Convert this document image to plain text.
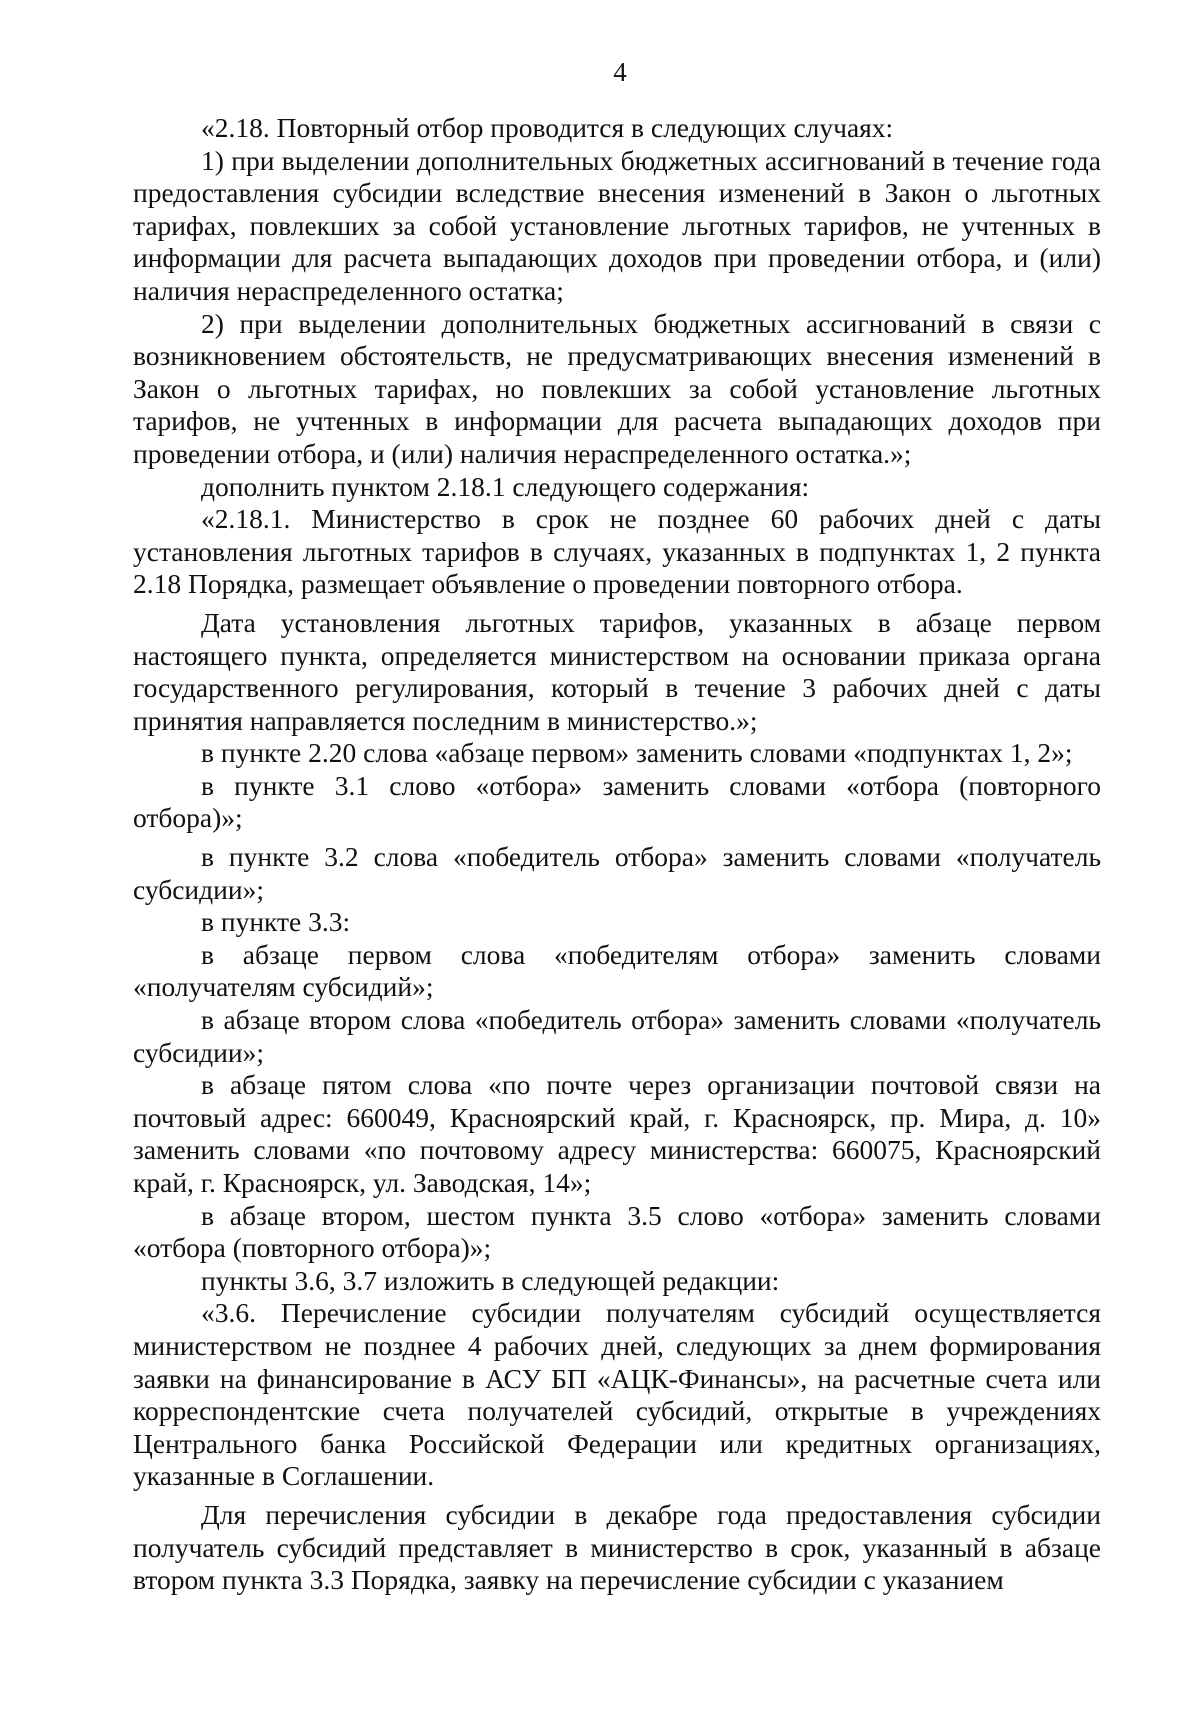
4

«2.18. Повторный отбор проводится в следующих случаях:

1) при выделении дополнительных бюджетных ассигнований в течение года предоставления субсидии вследствие внесения изменений в Закон о льготных тарифах, повлекших за собой установление льготных тарифов, не учтенных в информации для расчета выпадающих доходов при проведении отбора, и (или) наличия нераспределенного остатка;

2) при выделении дополнительных бюджетных ассигнований в связи с возникновением обстоятельств, не предусматривающих внесения изменений в Закон о льготных тарифах, но повлекших за собой установление льготных тарифов, не учтенных в информации для расчета выпадающих доходов при проведении отбора, и (или) наличия нераспределенного остатка.»;

дополнить пунктом 2.18.1 следующего содержания:

«2.18.1. Министерство в срок не позднее 60 рабочих дней с даты установления льготных тарифов в случаях, указанных в подпунктах 1, 2 пункта 2.18 Порядка, размещает объявление о проведении повторного отбора.

Дата установления льготных тарифов, указанных в абзаце первом настоящего пункта, определяется министерством на основании приказа органа государственного регулирования, который в течение 3 рабочих дней с даты принятия направляется последним в министерство.»;

в пункте 2.20 слова «абзаце первом» заменить словами «подпунктах 1, 2»;

в пункте 3.1 слово «отбора» заменить словами «отбора (повторного отбора)»;

в пункте 3.2 слова «победитель отбора» заменить словами «получатель субсидии»;

в пункте 3.3:

в абзаце первом слова «победителям отбора» заменить словами «получателям субсидий»;

в абзаце втором слова «победитель отбора» заменить словами «получатель субсидии»;

в абзаце пятом слова «по почте через организации почтовой связи на почтовый адрес: 660049, Красноярский край, г. Красноярск, пр. Мира, д. 10» заменить словами «по почтовому адресу министерства: 660075, Красноярский край, г. Красноярск, ул. Заводская, 14»;

в абзаце втором, шестом пункта 3.5 слово «отбора» заменить словами «отбора (повторного отбора)»;

пункты 3.6, 3.7 изложить в следующей редакции:

«3.6. Перечисление субсидии получателям субсидий осуществляется министерством не позднее 4 рабочих дней, следующих за днем формирования заявки на финансирование в АСУ БП «АЦК-Финансы», на расчетные счета или корреспондентские счета получателей субсидий, открытые в учреждениях Центрального банка Российской Федерации или кредитных организациях, указанные в Соглашении.

Для перечисления субсидии в декабре года предоставления субсидии получатель субсидий представляет в министерство в срок, указанный в абзаце втором пункта 3.3 Порядка, заявку на перечисление субсидии с указанием
